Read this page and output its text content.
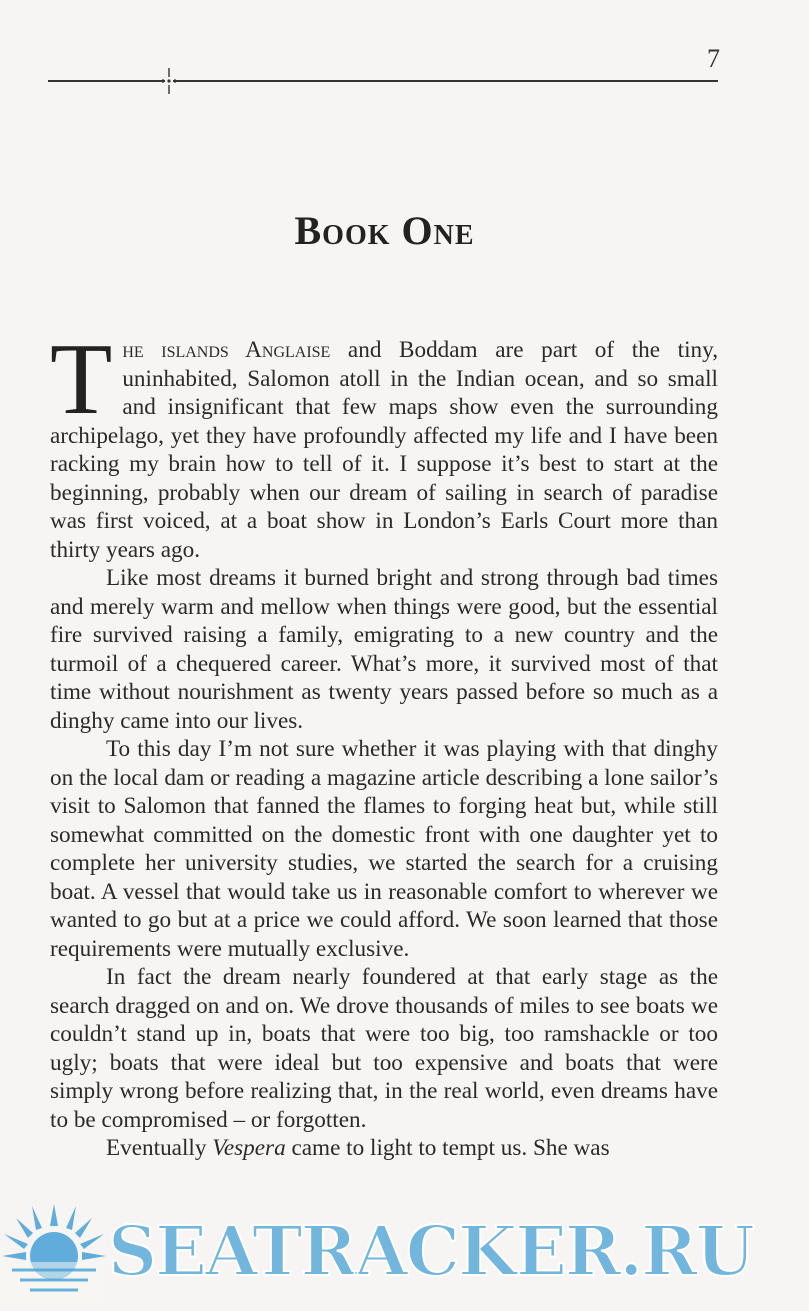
7
Book One

The islands Anglaise and Boddam are part of the tiny, uninhabited, Salomon atoll in the Indian ocean, and so small and insignificant that few maps show even the surrounding archipelago, yet they have profoundly affected my life and I have been racking my brain how to tell of it. I suppose it’s best to start at the beginning, probably when our dream of sailing in search of paradise was first voiced, at a boat show in London’s Earls Court more than thirty years ago.

Like most dreams it burned bright and strong through bad times and merely warm and mellow when things were good, but the essential fire survived raising a family, emigrating to a new country and the turmoil of a chequered career. What’s more, it survived most of that time without nourishment as twenty years passed before so much as a dinghy came into our lives.

To this day I’m not sure whether it was playing with that dinghy on the local dam or reading a magazine article describing a lone sailor’s visit to Salomon that fanned the flames to forging heat but, while still somewhat committed on the domestic front with one daughter yet to complete her university studies, we started the search for a cruising boat. A vessel that would take us in reasonable comfort to wherever we wanted to go but at a price we could afford. We soon learned that those requirements were mutually exclusive.

In fact the dream nearly foundered at that early stage as the search dragged on and on. We drove thousands of miles to see boats we couldn’t stand up in, boats that were too big, too ramshackle or too ugly; boats that were ideal but too expensive and boats that were simply wrong before realizing that, in the real world, even dreams have to be compromised – or forgotten.

Eventually Vespera came to light to tempt us. She was

SEATRACKER.RU
